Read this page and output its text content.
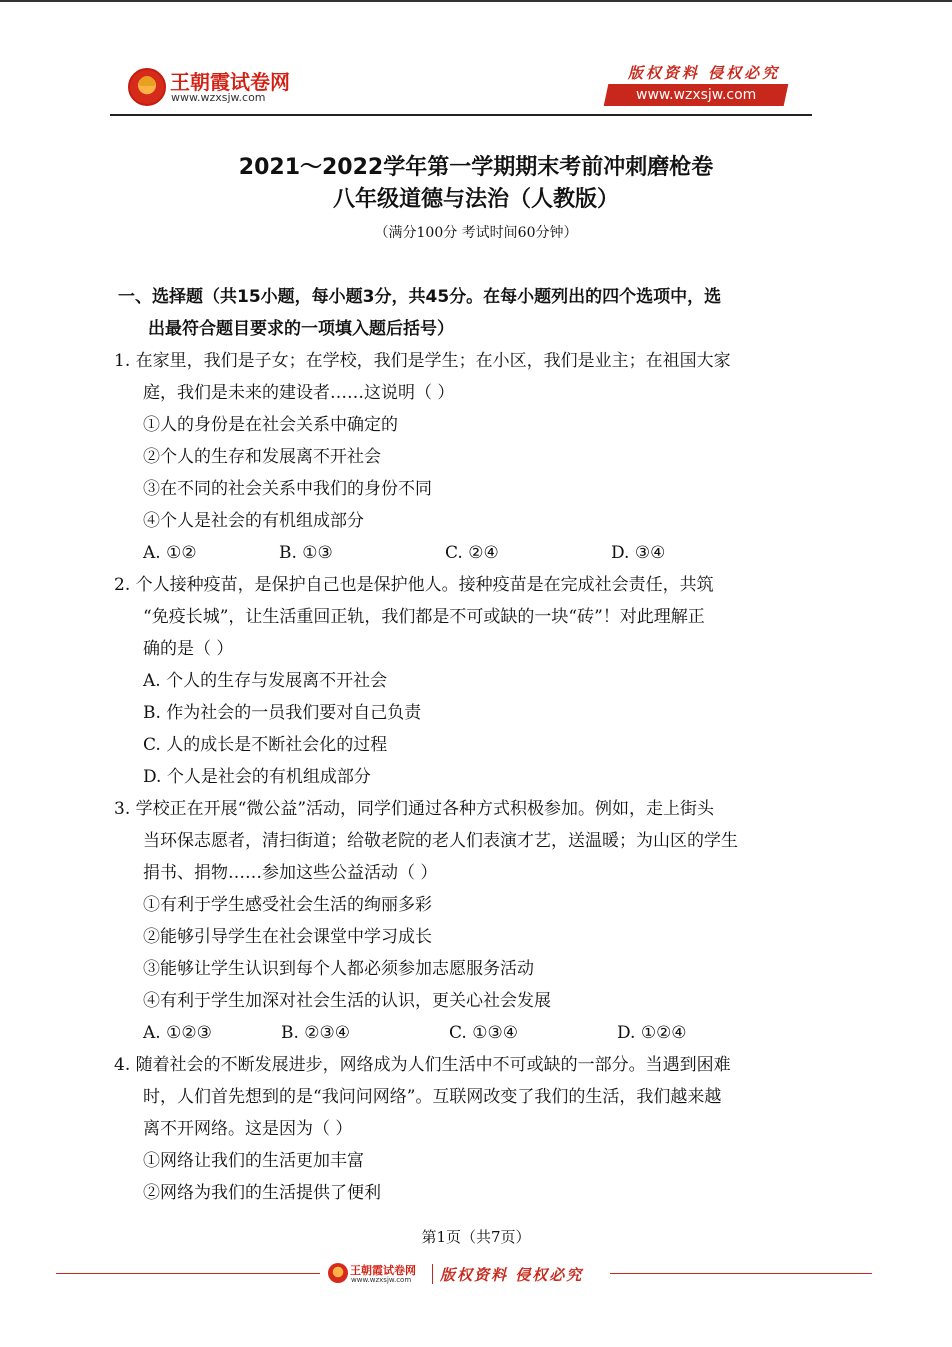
王朝霞试卷网
www.wzxsjw.com
版权资料 侵权必究
www.wzxsjw.com
2021～2022学年第一学期期末考前冲刺磨枪卷
八年级道德与法治（人教版）
（满分100分 考试时间60分钟）
一、选择题（共15小题，每小题3分，共45分。在每小题列出的四个选项中，选
出最符合题目要求的一项填入题后括号）
1. 在家里，我们是子女；在学校，我们是学生；在小区，我们是业主；在祖国大家
庭，我们是未来的建设者……这说明（ ）
①人的身份是在社会关系中确定的
②个人的生存和发展离不开社会
③在不同的社会关系中我们的身份不同
④个人是社会的有机组成部分
A. ①②	B. ①③	C. ②④	D. ③④
2. 个人接种疫苗，是保护自己也是保护他人。接种疫苗是在完成社会责任，共筑
“免疫长城”，让生活重回正轨，我们都是不可或缺的一块“砖”！对此理解正
确的是（ ）
A. 个人的生存与发展离不开社会
B. 作为社会的一员我们要对自己负责
C. 人的成长是不断社会化的过程
D. 个人是社会的有机组成部分
3. 学校正在开展“微公益”活动，同学们通过各种方式积极参加。例如，走上街头
当环保志愿者，清扫街道；给敬老院的老人们表演才艺，送温暖；为山区的学生
捐书、捐物……参加这些公益活动（ ）
①有利于学生感受社会生活的绚丽多彩
②能够引导学生在社会课堂中学习成长
③能够让学生认识到每个人都必须参加志愿服务活动
④有利于学生加深对社会生活的认识，更关心社会发展
A. ①②③	B. ②③④	C. ①③④	D. ①②④
4. 随着社会的不断发展进步，网络成为人们生活中不可或缺的一部分。当遇到困难
时，人们首先想到的是“我问问网络”。互联网改变了我们的生活，我们越来越
离不开网络。这是因为（ ）
①网络让我们的生活更加丰富
②网络为我们的生活提供了便利
第1页（共7页）
王朝霞试卷网
www.wzxsjw.com 版权资料 侵权必究
